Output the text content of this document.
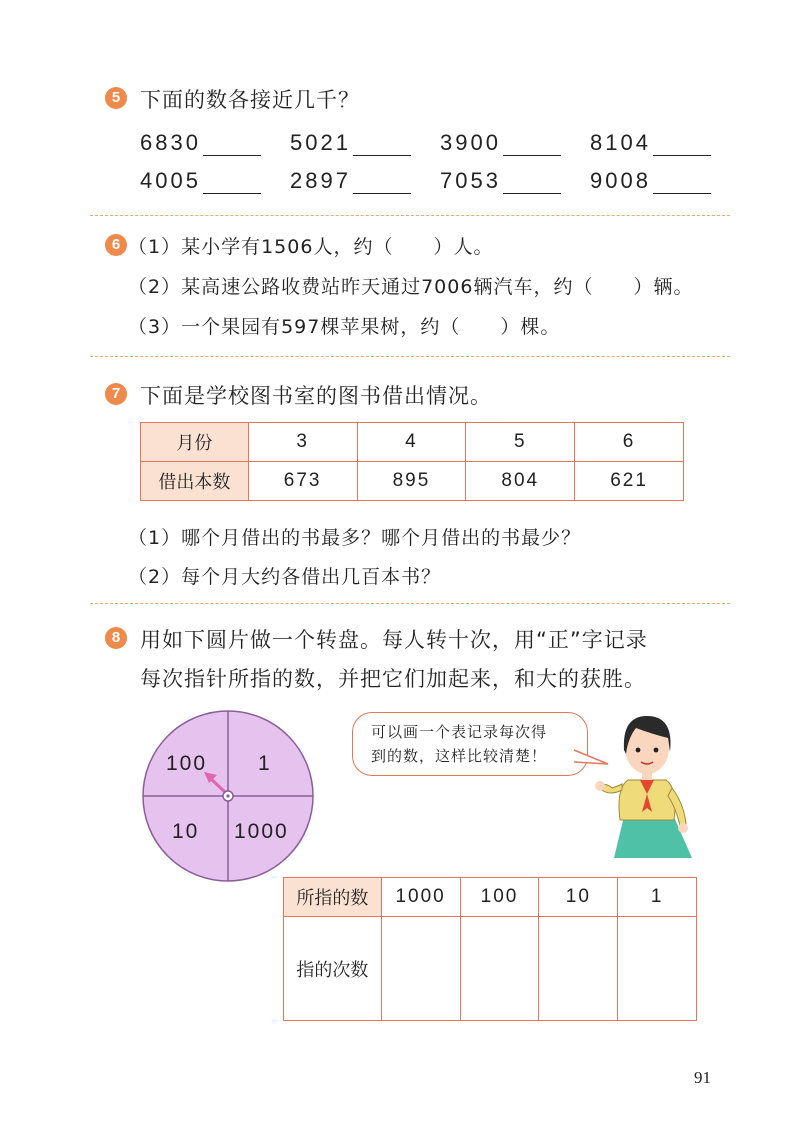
5 下面的数各接近几千？
6830	5021	3900	8104
4005	2897	7053	9008
6 （1）某小学有1506人，约（　　）人。
（2）某高速公路收费站昨天通过7006辆汽车，约（　　）辆。
（3）一个果园有597棵苹果树，约（　　）棵。
7 下面是学校图书室的图书借出情况。
月份	3	4	5	6
借出本数	673	895	804	621
（1）哪个月借出的书最多？哪个月借出的书最少？
（2）每个月大约各借出几百本书？
8 用如下圆片做一个转盘。每人转十次，用“正”字记录
每次指针所指的数，并把它们加起来，和大的获胜。
100 1
10 1000
可以画一个表记录每次得
到的数，这样比较清楚！
所指的数	1000	100	10	1
指的次数				
91
